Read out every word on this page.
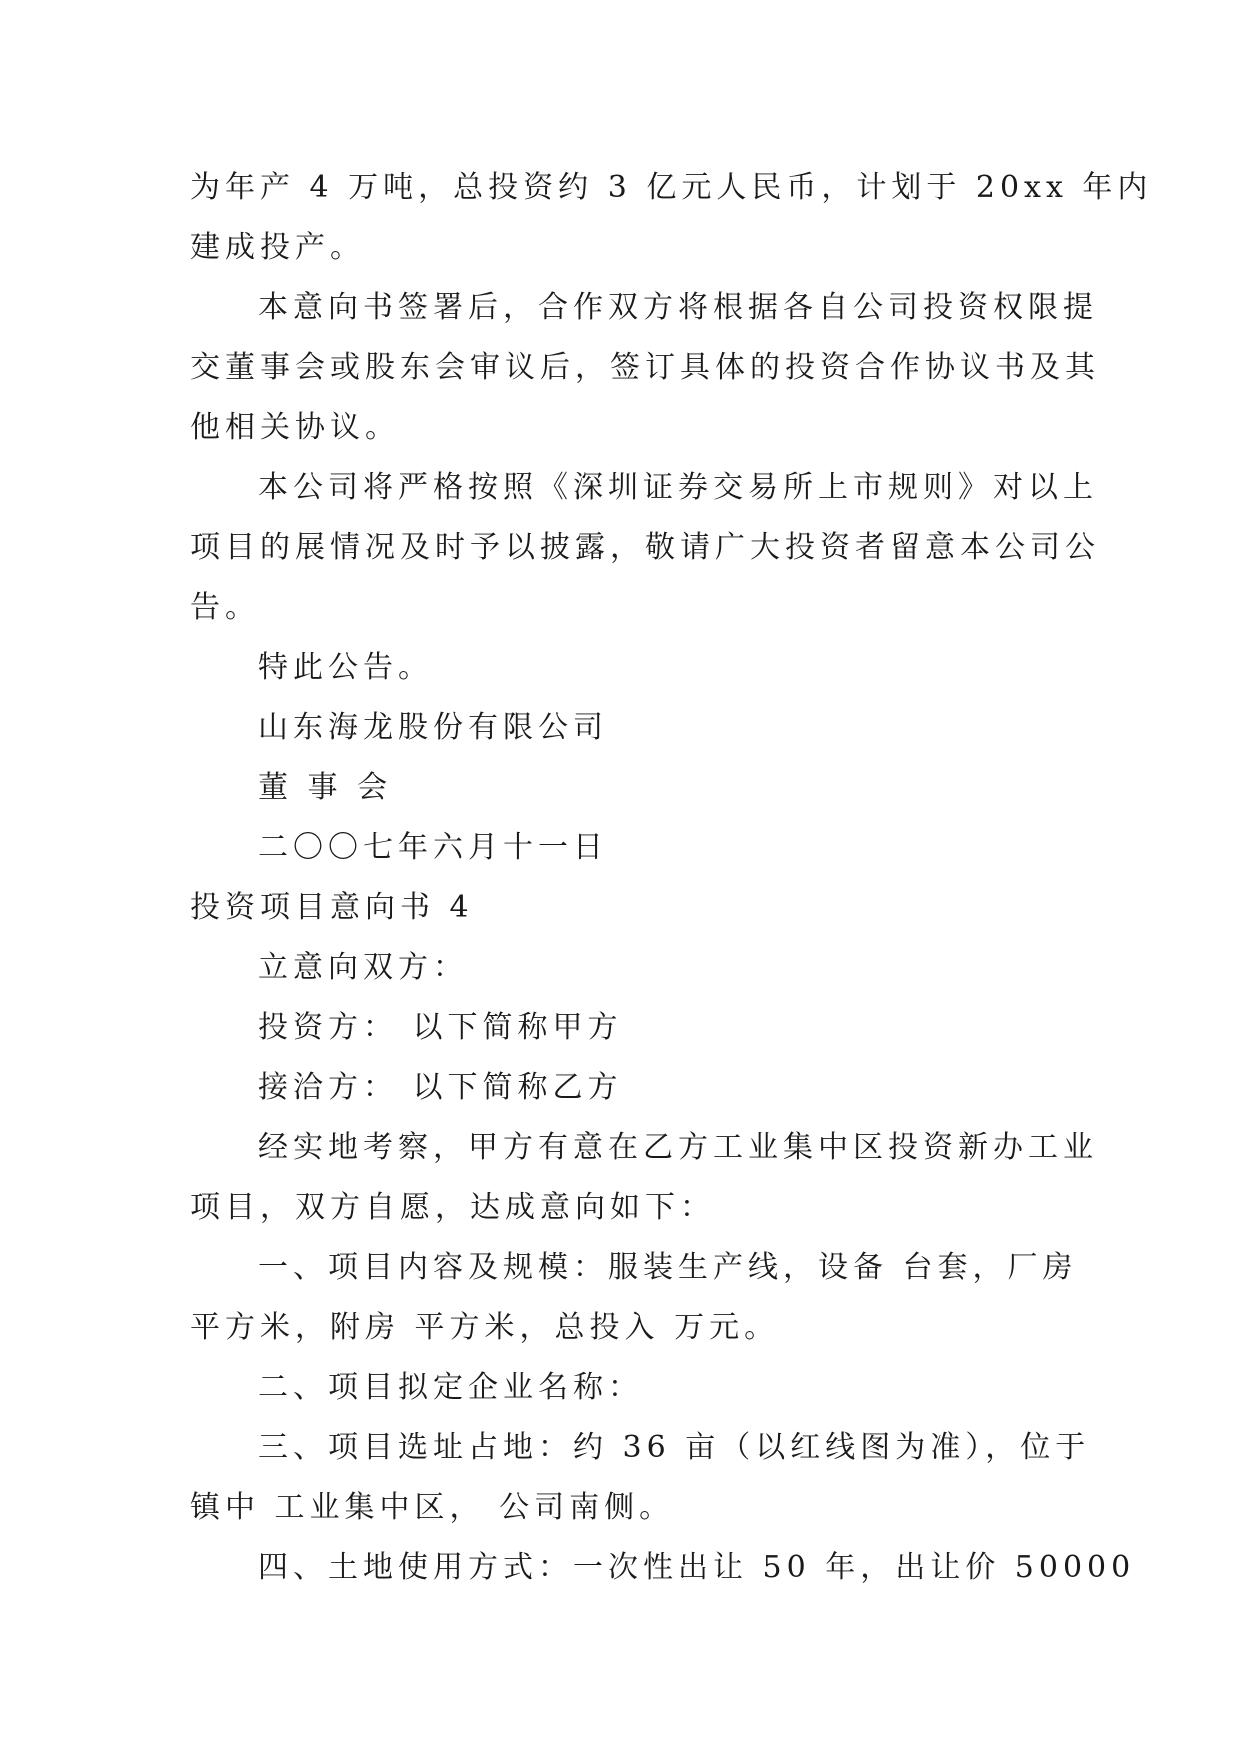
为年产 4 万吨，总投资约 3 亿元人民币，计划于 20xx 年内
建成投产。
本意向书签署后，合作双方将根据各自公司投资权限提
交董事会或股东会审议后，签订具体的投资合作协议书及其
他相关协议。
本公司将严格按照《深圳证券交易所上市规则》对以上
项目的展情况及时予以披露，敬请广大投资者留意本公司公
告。
特此公告。
山东海龙股份有限公司
董 事 会
二〇〇七年六月十一日
投资项目意向书 4
立意向双方：
投资方： 以下简称甲方
接洽方： 以下简称乙方
经实地考察，甲方有意在乙方工业集中区投资新办工业
项目，双方自愿，达成意向如下：
一、项目内容及规模：服装生产线，设备 台套，厂房
平方米，附房 平方米，总投入 万元。
二、项目拟定企业名称：
三、项目选址占地：约 36 亩（以红线图为准），位于
镇中 工业集中区， 公司南侧。
四、土地使用方式：一次性出让 50 年，出让价 50000
